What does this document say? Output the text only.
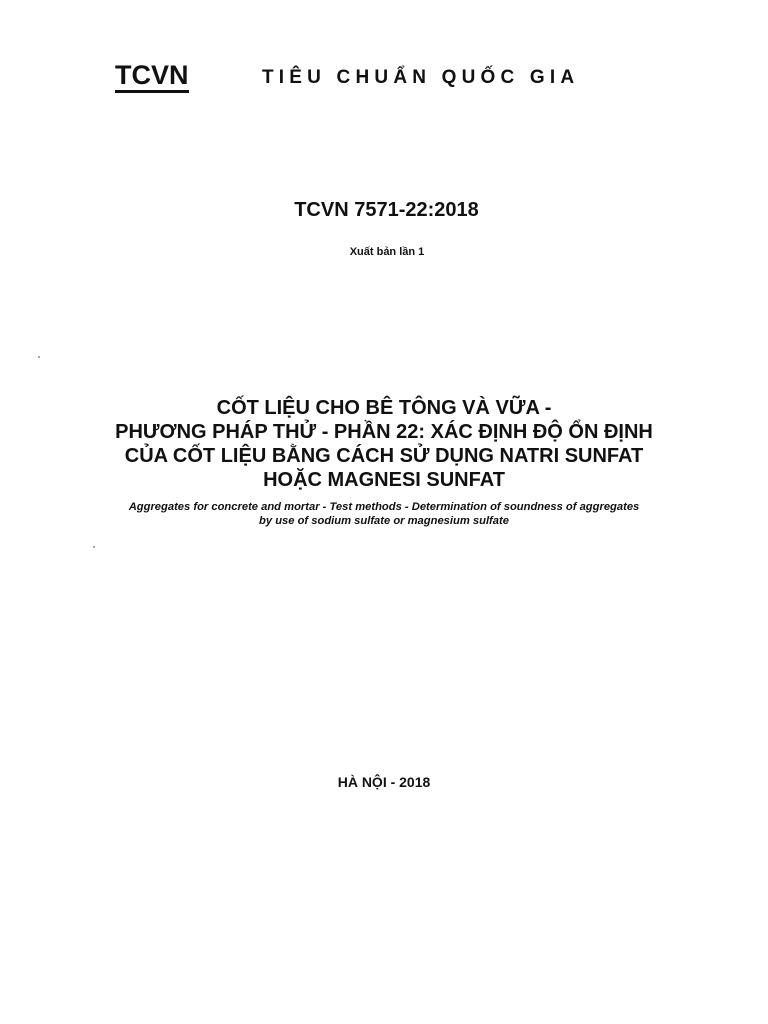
TCVN	TIÊU CHUẨN QUỐC GIA
TCVN 7571-22:2018
Xuất bản lần 1
CỐT LIỆU CHO BÊ TÔNG VÀ VỮA -
PHƯƠNG PHÁP THỬ - PHẦN 22: XÁC ĐỊNH ĐỘ ỔN ĐỊNH
CỦA CỐT LIỆU BẰNG CÁCH SỬ DỤNG NATRI SUNFAT
HOẶC MAGNESI SUNFAT
Aggregates for concrete and mortar - Test methods - Determination of soundness of aggregates
by use of sodium sulfate or magnesium sulfate
HÀ NỘI - 2018
